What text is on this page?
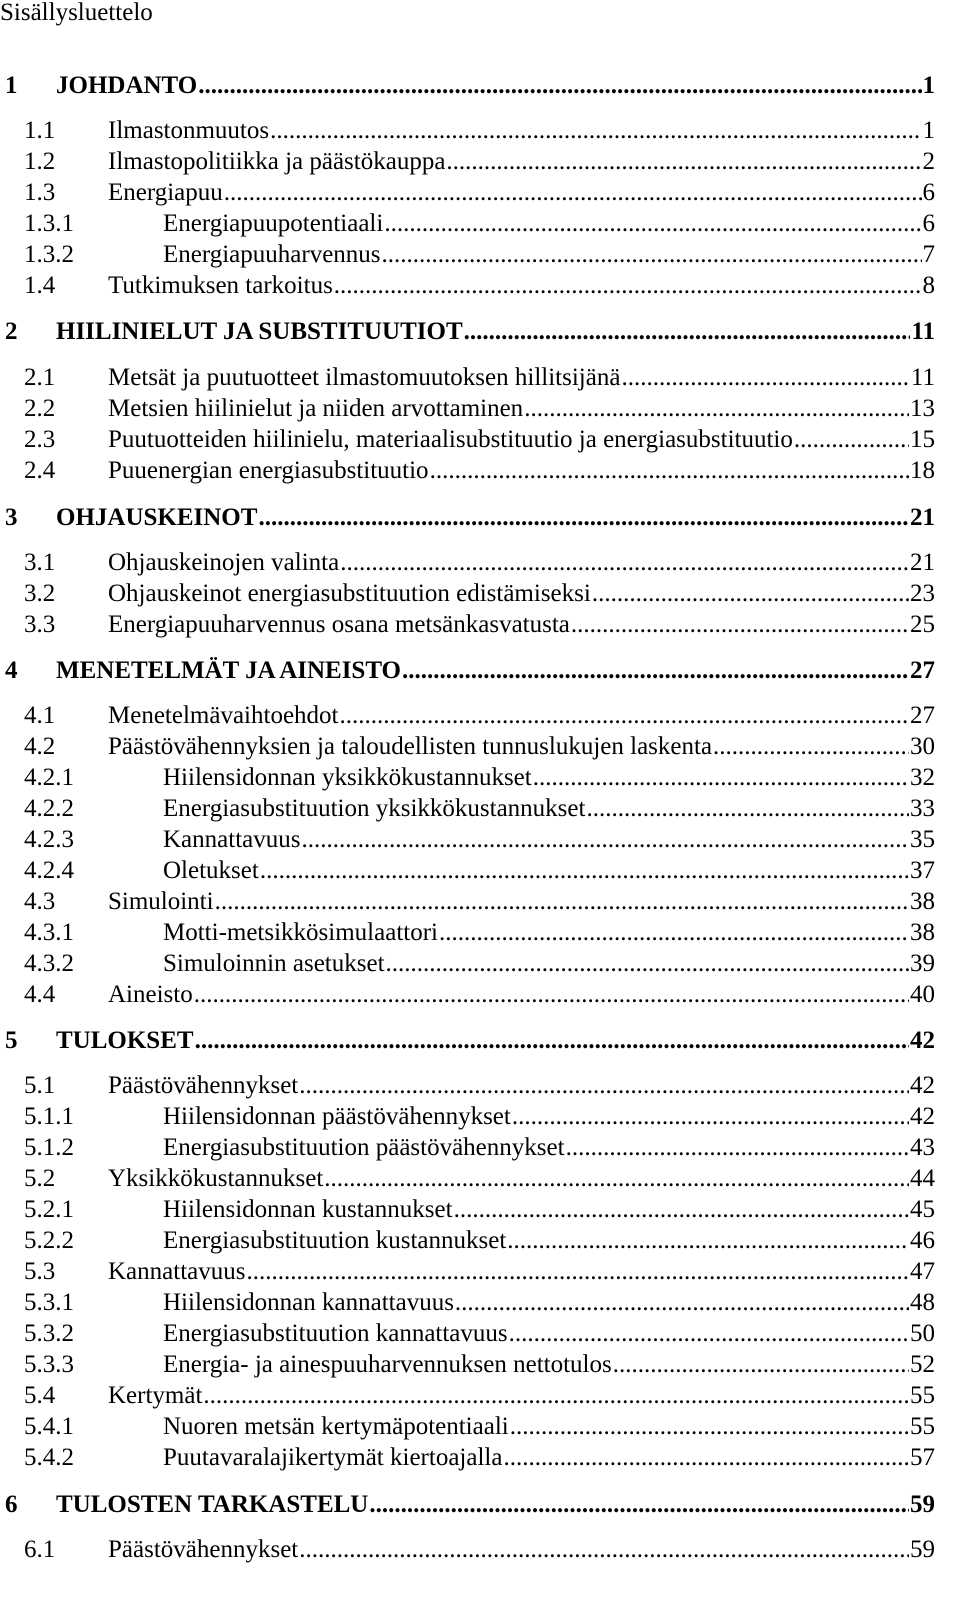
Sisällysluettelo
1 JOHDANTO .....	1
1.1 Ilmastonmuutos .....	1
1.2 Ilmastopolitiikka ja päästökauppa .....	2
1.3 Energiapuu .....	6
1.3.1	Energiapuupotentiaali .....	6
1.3.2	Energiapuuharvennus .....	7
1.4 Tutkimuksen tarkoitus .....	8
2 HIILINIELUT JA SUBSTITUUTIOT .....	11
2.1 Metsät ja puutuotteet ilmastomuutoksen hillitsijänä .....	11
2.2 Metsien hiilinielut ja niiden arvottaminen .....	13
2.3 Puutuotteiden hiilinielu, materiaalisubstituutio ja energiasubstituutio .....	15
2.4 Puuenergian energiasubstituutio .....	18
3 OHJAUSKEINOT .....	21
3.1 Ohjauskeinojen valinta .....	21
3.2 Ohjauskeinot energiasubstituution edistämiseksi .....	23
3.3 Energiapuuharvennus osana metsänkasvatusta .....	25
4 MENETELMÄT JA AINEISTO .....	27
4.1 Menetelmävaihtoehdot .....	27
4.2 Päästövähennyksien ja taloudellisten tunnuslukujen laskenta .....	30
4.2.1	Hiilensidonnan yksikkökustannukset .....	32
4.2.2	Energiasubstituution yksikkökustannukset .....	33
4.2.3	Kannattavuus .....	35
4.2.4	Oletukset .....	37
4.3 Simulointi .....	38
4.3.1	Motti-metsikkösimulaattori .....	38
4.3.2	Simuloinnin asetukset .....	39
4.4 Aineisto .....	40
5 TULOKSET .....	42
5.1 Päästövähennykset .....	42
5.1.1	Hiilensidonnan päästövähennykset .....	42
5.1.2	Energiasubstituution päästövähennykset .....	43
5.2 Yksikkökustannukset .....	44
5.2.1	Hiilensidonnan kustannukset .....	45
5.2.2	Energiasubstituution kustannukset .....	46
5.3 Kannattavuus .....	47
5.3.1	Hiilensidonnan kannattavuus .....	48
5.3.2	Energiasubstituution kannattavuus .....	50
5.3.3	Energia- ja ainespuuharvennuksen nettotulos .....	52
5.4 Kertymät .....	55
5.4.1	Nuoren metsän kertymäpotentiaali .....	55
5.4.2	Puutavaralajikertymät kiertoajalla .....	57
6 TULOSTEN TARKASTELU .....	59
6.1 Päästövähennykset .....	59
